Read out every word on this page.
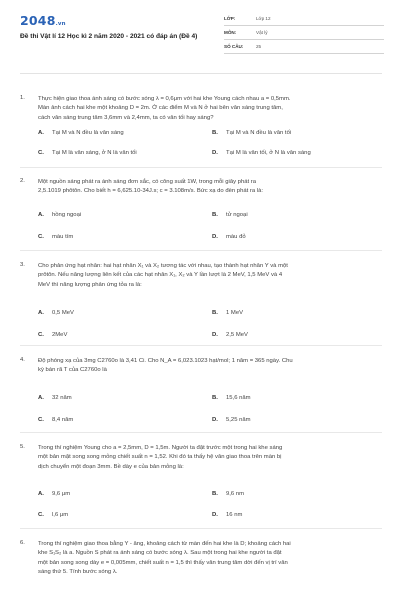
2048.vn
Đề thi Vật lí 12 Học kì 2 năm 2020 - 2021 có đáp án (Đề 4)
LỚP:	Lớp 12
MÔN:	Vật lý
SỐ CÂU:	25
1. Thực hiện giao thoa ánh sáng có bước sóng λ = 0,6μm với hai khe Young cách nhau a = 0,5mm.
Màn ảnh cách hai khe một khoảng D = 2m. Ở các điểm M và N ở hai bên vân sáng trung tâm,
cách vân sáng trung tâm 3,6mm và 2,4mm, ta có vân tối hay sáng?
A. Tại M và N đều là vân sáng	B. Tại M và N đều là vân tối
C. Tại M là vân sáng, ở N là vân tối	D. Tại M là vân tối, ở N là vân sáng
2. Một nguồn sáng phát ra ánh sáng đơn sắc, có công suất 1W, trong mỗi giây phát ra
2,5.1019 phôtôn. Cho biết h = 6,625.10-34J.s; c = 3.108m/s. Bức xạ do đèn phát ra là:
A. hồng ngoại	B. tử ngoại
C. màu tím	D. màu đỏ
3. Cho phản ứng hạt nhân: hai hạt nhân X₁ và X₂ tương tác với nhau, tạo thành hạt nhân Y và một
prôtôn. Nếu năng lượng liên kết của các hạt nhân X₁, X₂ và Y lần lượt là 2 MeV, 1,5 MeV và 4
MeV thì năng lượng phản ứng tỏa ra là:
A. 0,5 MeV	B. 1 MeV
C. 2MeV	D. 2,5 MeV
4. Độ phóng xạ của 3mg C2760o là 3,41 Ci. Cho N_A = 6,023.1023 hạt/mol; 1 năm = 365 ngày. Chu
kỳ bán rã T của C2760o là
A. 32 năm	B. 15,6 năm
C. 8,4 năm	D. 5,25 năm
5. Trong thí nghiệm Young cho a = 2,5mm, D = 1,5m. Người ta đặt trước một trong hai khe sáng
một bản mặt song song mỏng chiết suất n = 1,52. Khi đó ta thấy hệ vân giao thoa trên màn bị
dịch chuyển một đoạn 3mm. Bề dày e của bản mỏng là:
A. 9,6 μm	B. 9,6 nm
C. l,6 μm	D. 16 nm
6. Trong thí nghiệm giao thoa bằng Y - âng, khoảng cách từ màn đến hai khe là D; khoảng cách hai
khe S₁S₂ là a. Nguồn S phát ra ánh sáng có bước sóng λ. Sau một trong hai khe người ta đặt
một bản song song dày e = 0,005mm, chiết suất n = 1,5 thì thấy vân trung tâm dời đến vị trí vân
sáng thứ 5. Tính bước sóng λ.
